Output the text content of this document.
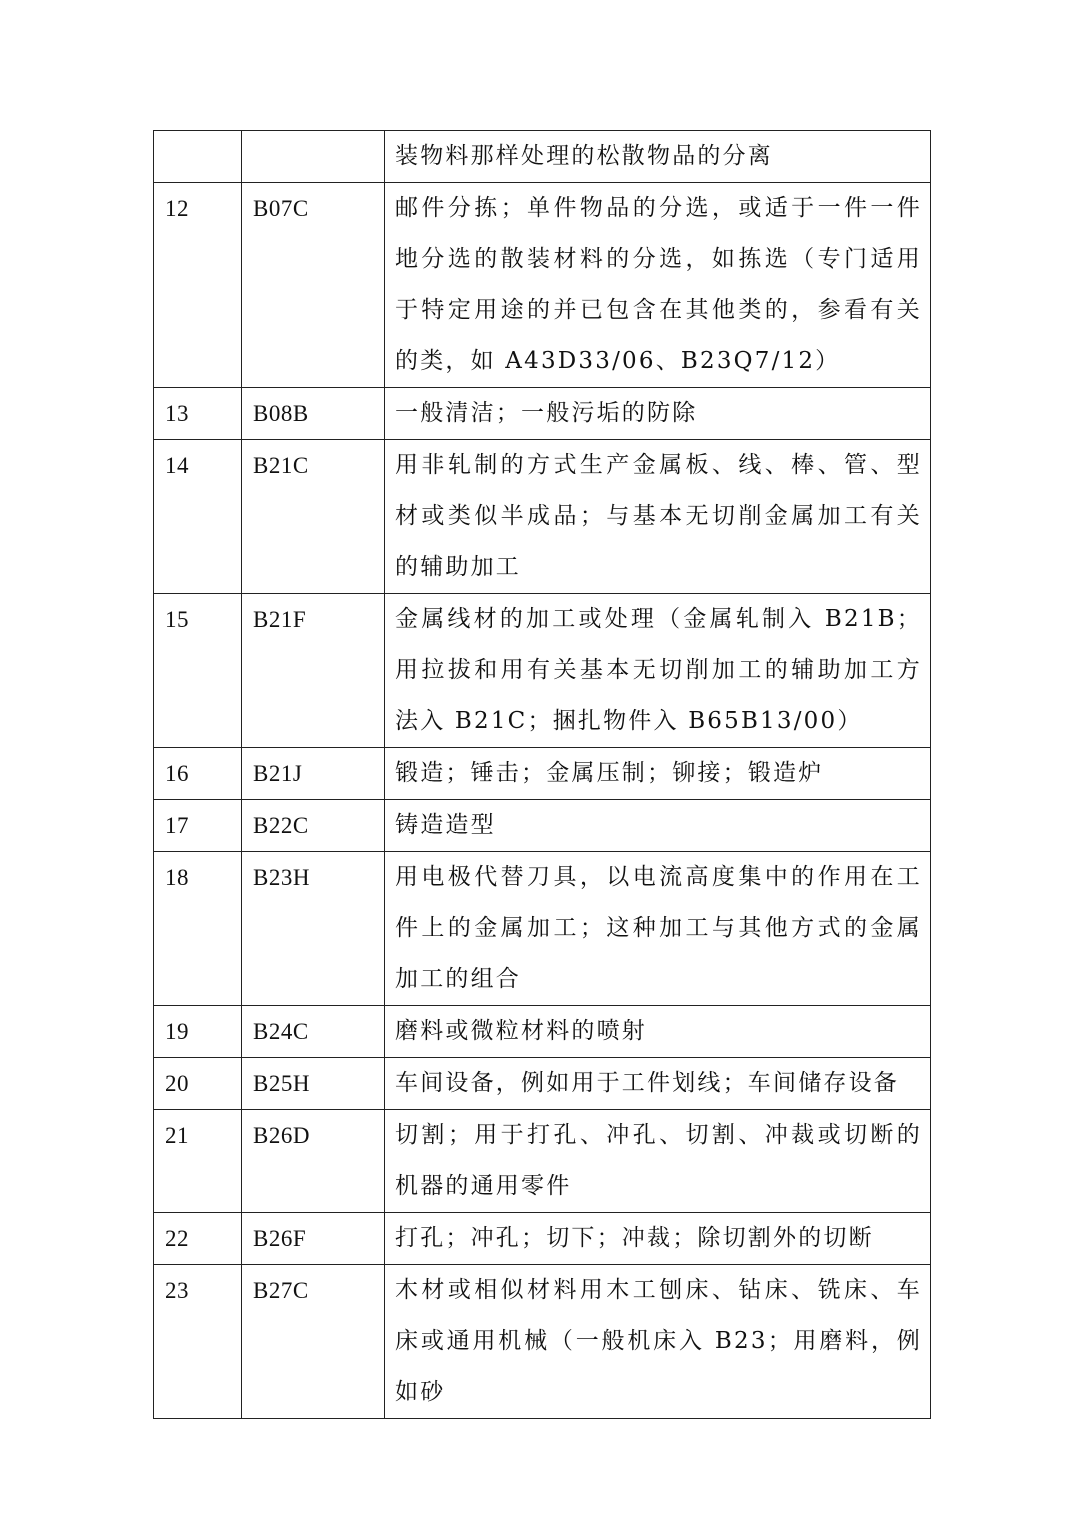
		装物料那样处理的松散物品的分离

12	B07C	邮件分拣；单件物品的分选，或适于一件一件地分选的散装材料的分选，如拣选（专门适用于特定用途的并已包含在其他类的，参看有关的类，如 A43D33/06、B23Q7/12）

13	B08B	一般清洁；一般污垢的防除

14	B21C	用非轧制的方式生产金属板、线、棒、管、型材或类似半成品；与基本无切削金属加工有关的辅助加工

15	B21F	金属线材的加工或处理（金属轧制入 B21B；用拉拔和用有关基本无切削加工的辅助加工方法入 B21C；捆扎物件入 B65B13/00）

16	B21J	锻造；锤击；金属压制；铆接；锻造炉

17	B22C	铸造造型

18	B23H	用电极代替刀具，以电流高度集中的作用在工件上的金属加工；这种加工与其他方式的金属加工的组合

19	B24C	磨料或微粒材料的喷射

20	B25H	车间设备，例如用于工件划线；车间储存设备

21	B26D	切割；用于打孔、冲孔、切割、冲裁或切断的机器的通用零件

22	B26F	打孔；冲孔；切下；冲裁；除切割外的切断

23	B27C	木材或相似材料用木工刨床、钻床、铣床、车床或通用机械（一般机床入 B23；用磨料，例如砂
